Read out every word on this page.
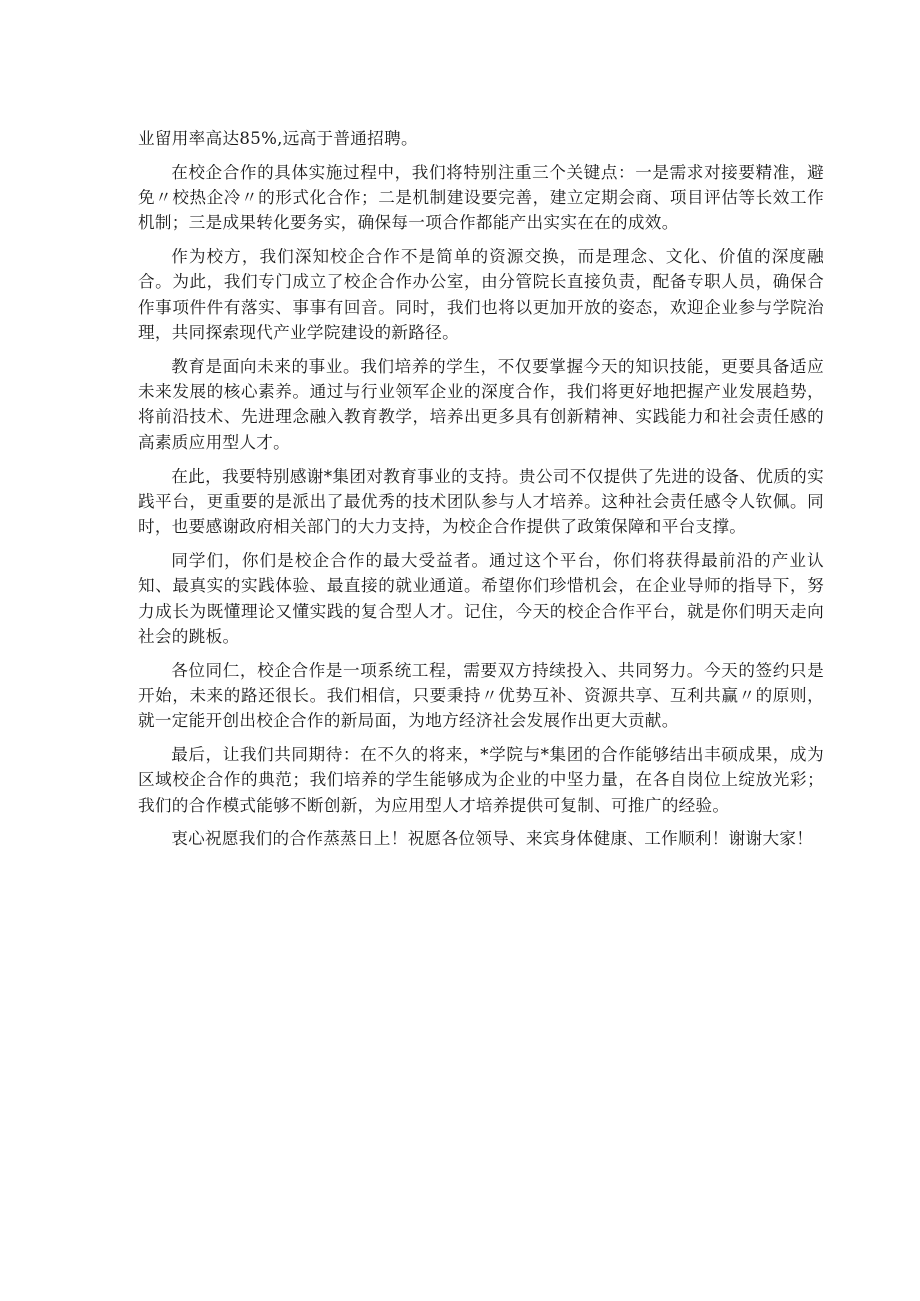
业留用率高达85%,远高于普通招聘。

在校企合作的具体实施过程中，我们将特别注重三个关键点：一是需求对接要精准，避免〃校热企冷〃的形式化合作；二是机制建设要完善，建立定期会商、项目评估等长效工作机制；三是成果转化要务实，确保每一项合作都能产出实实在在的成效。

作为校方，我们深知校企合作不是简单的资源交换，而是理念、文化、价值的深度融合。为此，我们专门成立了校企合作办公室，由分管院长直接负责，配备专职人员，确保合作事项件件有落实、事事有回音。同时，我们也将以更加开放的姿态，欢迎企业参与学院治理，共同探索现代产业学院建设的新路径。

教育是面向未来的事业。我们培养的学生，不仅要掌握今天的知识技能，更要具备适应未来发展的核心素养。通过与行业领军企业的深度合作，我们将更好地把握产业发展趋势，将前沿技术、先进理念融入教育教学，培养出更多具有创新精神、实践能力和社会责任感的高素质应用型人才。

在此，我要特别感谢*集团对教育事业的支持。贵公司不仅提供了先进的设备、优质的实践平台，更重要的是派出了最优秀的技术团队参与人才培养。这种社会责任感令人钦佩。同时，也要感谢政府相关部门的大力支持，为校企合作提供了政策保障和平台支撑。

同学们，你们是校企合作的最大受益者。通过这个平台，你们将获得最前沿的产业认知、最真实的实践体验、最直接的就业通道。希望你们珍惜机会，在企业导师的指导下，努力成长为既懂理论又懂实践的复合型人才。记住，今天的校企合作平台，就是你们明天走向社会的跳板。

各位同仁，校企合作是一项系统工程，需要双方持续投入、共同努力。今天的签约只是开始，未来的路还很长。我们相信，只要秉持〃优势互补、资源共享、互利共赢〃的原则，就一定能开创出校企合作的新局面，为地方经济社会发展作出更大贡献。

最后，让我们共同期待：在不久的将来，*学院与*集团的合作能够结出丰硕成果，成为区域校企合作的典范；我们培养的学生能够成为企业的中坚力量，在各自岗位上绽放光彩；我们的合作模式能够不断创新，为应用型人才培养提供可复制、可推广的经验。

衷心祝愿我们的合作蒸蒸日上！祝愿各位领导、来宾身体健康、工作顺利！谢谢大家！
